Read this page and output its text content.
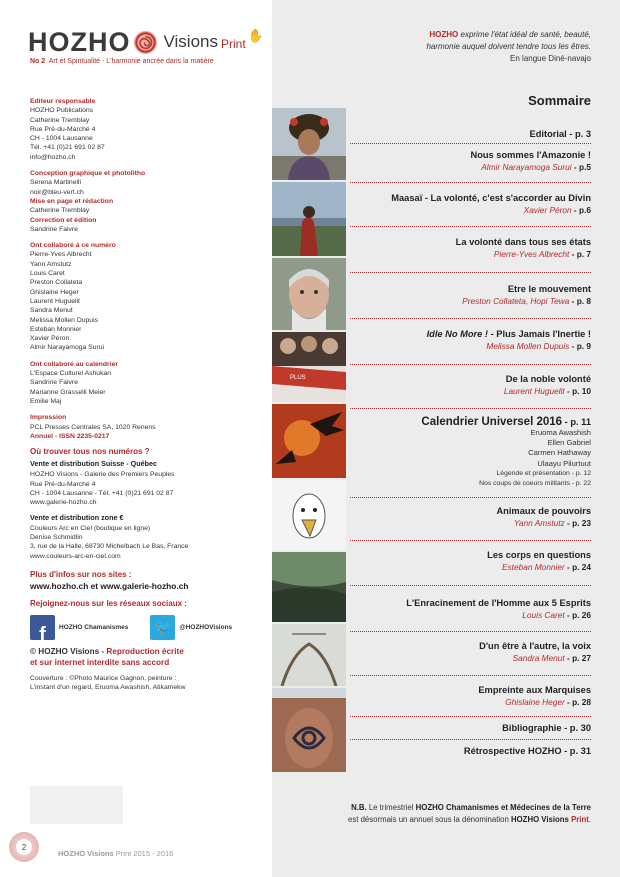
HOZHO Visions Print
✋
No 2 Art et Spiritualité - L'harmonie ancrée dans la matière
Editeur responsable
HOZHO Publications
Catherine Tremblay
Rue Pré-du-Marché 4
CH - 1004 Lausanne
Tél. +41 (0)21 691 02 87
info@hozho.ch
Conception graphique et photolitho
Serena Martinelli
noir@bleu-vert.ch
Mise en page et rédaction
Catherine Tremblay
Correction et édition
Sandrine Faivre
Ont collaboré à ce numéro
Pierre-Yves Albrecht
Yann Amstutz
Louis Caret
Preston Collateta
Ghislaine Heger
Laurent Huguelit
Sandra Menut
Melissa Mollen Dupuis
Esteban Monnier
Xavier Péron
Almir Narayamoga Surui
Ont collaboré au calendrier
L'Espace Culturel Ashukan
Sandrine Faivre
Marianne Grasselli Meier
Emilie Maj
Impression
PCL Presses Centrales SA, 1020 Renens
Annuel - ISSN 2235-0217
Où trouver tous nos numéros ?
Vente et distribution Suisse - Québec
HOZHO Visions - Galerie des Premiers Peuples
Rue Pré-du-Marché 4
CH - 1004 Lausanne - Tél. +41 (0)21 691 02 87
www.galerie-hozho.ch
Vente et distribution zone €
Couleurs Arc en Ciel (boutique en ligne)
Denise Schmidlin
3, rue de la Halle, 68730 Michelbach Le Bas, France
www.couleurs-arc-en-ciel.com
Plus d'infos sur nos sites :
www.hozho.ch et www.galerie-hozho.ch
Rejoignez-nous sur les réseaux sociaux :
f	HOZHO Chamanismes 🐦	@HOZHOVisions
© HOZHO Visions - Reproduction écrite
et sur internet interdite sans accord
Couverture : ©Photo Maurice Gagnon, peinture :
L'instant d'un regard, Eruoma Awashish, Atikamekw
2
HOZHO Visions Print 2015 - 2016
HOZHO exprime l'état idéal de santé, beauté,
harmonie auquel doivent tendre tous les êtres.
En langue Diné-navajo
Sommaire
PLUS
Editorial - p. 3
Nous sommes l'Amazonie !
Almir Narayamoga Surui - p.5
Maasaï - La volonté, c'est s'accorder au Divin
Xavier Péron - p.6
La volonté dans tous ses états
Pierre-Yves Albrecht - p. 7
Etre le mouvement
Preston Collateta, Hopi Tewa - p. 8
Idle No More ! - Plus Jamais l'Inertie !
Melissa Mollen Dupuis - p. 9
De la noble volonté
Laurent Huguelit - p. 10
Calendrier Universel 2016 - p. 11
Eruoma Awashish
Ellen Gabriel
Carmen Hathaway
Ulaayu Pilurtuut
Légende et présentation - p. 12
Nos coups de coeurs militants - p. 22
Animaux de pouvoirs
Yann Amstutz - p. 23
Les corps en questions
Esteban Monnier - p. 24
L'Enracinement de l'Homme aux 5 Esprits
Louis Caret - p. 26
D'un être à l'autre, la voix
Sandra Menut - p. 27
Empreinte aux Marquises
Ghislaine Heger - p. 28
Bibliographie - p. 30
Rétrospective HOZHO - p. 31
N.B. Le trimestriel HOZHO Chamanismes et Médecines de la Terre
est désormais un annuel sous la dénomination HOZHO Visions Print.
